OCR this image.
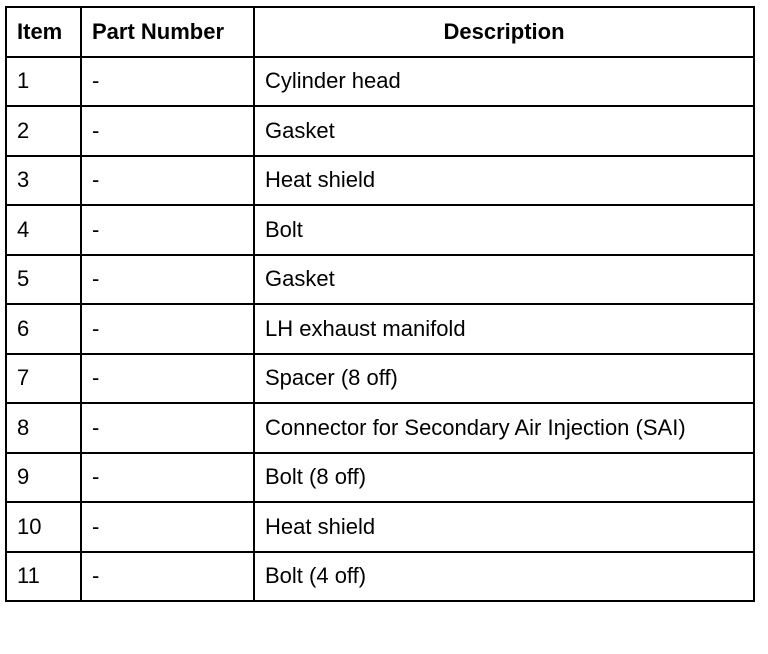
Item	Part Number	Description
1	-	Cylinder head
2	-	Gasket
3	-	Heat shield
4	-	Bolt
5	-	Gasket
6	-	LH exhaust manifold
7	-	Spacer (8 off)
8	-	Connector for Secondary Air Injection (SAI)
9	-	Bolt (8 off)
10	-	Heat shield
11	-	Bolt (4 off)
